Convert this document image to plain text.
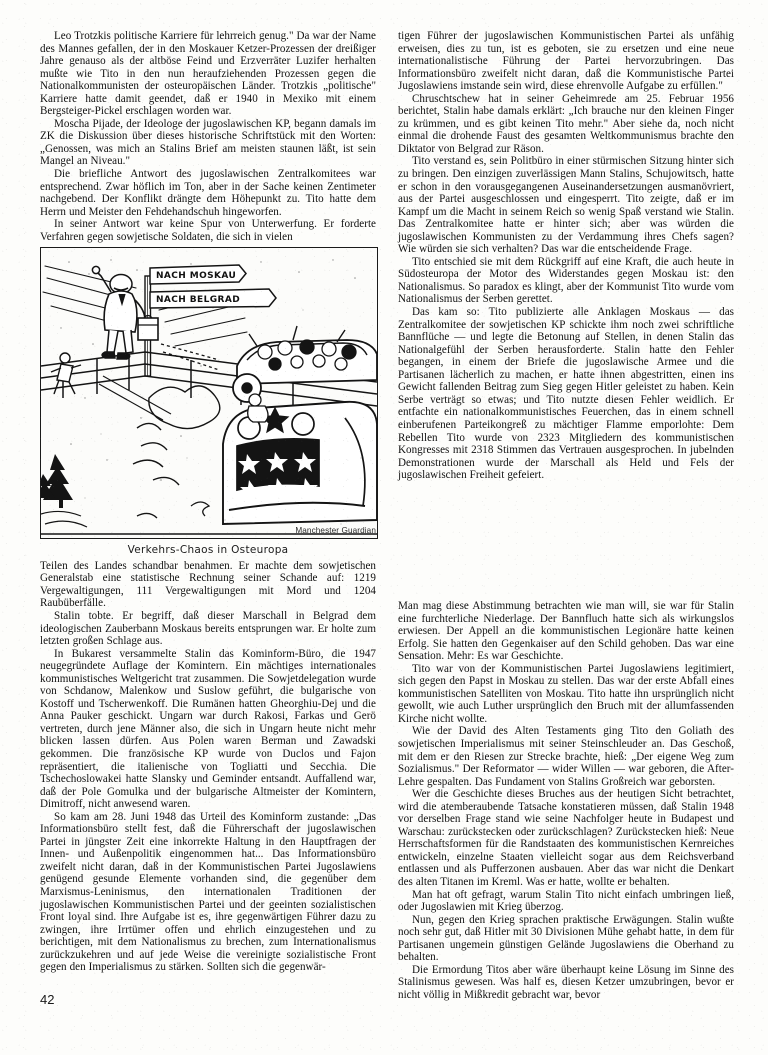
Leo Trotzkis politische Karriere für lehrreich genug." Da war der Name des Mannes gefallen, der in den Moskauer Ketzer-Prozessen der dreißiger Jahre genauso als der altböse Feind und Erzverräter Luzifer herhalten mußte wie Tito in den nun heraufziehenden Prozessen gegen die Nationalkommunisten der osteuropäischen Länder. Trotzkis „politische" Karriere hatte damit geendet, daß er 1940 in Mexiko mit einem Bergsteiger-Pickel erschlagen worden war.

Moscha Pijade, der Ideologe der jugoslawischen KP, begann damals im ZK die Diskussion über dieses historische Schriftstück mit den Worten: „Genossen, was mich an Stalins Brief am meisten staunen läßt, ist sein Mangel an Niveau."

Die briefliche Antwort des jugoslawischen Zentralkomitees war entsprechend. Zwar höflich im Ton, aber in der Sache keinen Zentimeter nachgebend. Der Konflikt drängte dem Höhepunkt zu. Tito hatte dem Herrn und Meister den Fehdehandschuh hingeworfen.

In seiner Antwort war keine Spur von Unterwerfung. Er forderte Verfahren gegen sowjetische Soldaten, die sich in vielen

NACH MOSKAU
NACH BELGRAD
Verkehrs-Chaos in Osteuropa
Manchester Guardian

Teilen des Landes schandbar benahmen. Er machte dem sowjetischen Generalstab eine statistische Rechnung seiner Schande auf: 1219 Vergewaltigungen, 111 Vergewaltigungen mit Mord und 1204 Raubüberfälle.

Stalin tobte. Er begriff, daß dieser Marschall in Belgrad dem ideologischen Zauberbann Moskaus bereits entsprungen war. Er holte zum letzten großen Schlage aus.

In Bukarest versammelte Stalin das Kominform-Büro, die 1947 neugegründete Auflage der Komintern. Ein mächtiges internationales kommunistisches Weltgericht trat zusammen. Die Sowjetdelegation wurde von Schdanow, Malenkow und Suslow geführt, die bulgarische von Kostoff und Tscherwenkoff. Die Rumänen hatten Gheorghiu-Dej und die Anna Pauker geschickt. Ungarn war durch Rakosi, Farkas und Gerö vertreten, durch jene Männer also, die sich in Ungarn heute nicht mehr blicken lassen dürfen. Aus Polen waren Berman und Zawadski gekommen. Die französische KP wurde von Duclos und Fajon repräsentiert, die italienische von Togliatti und Secchia. Die Tschechoslowakei hatte Slansky und Geminder entsandt. Auffallend war, daß der Pole Gomulka und der bulgarische Altmeister der Komintern, Dimitroff, nicht anwesend waren.

So kam am 28. Juni 1948 das Urteil des Kominform zustande: „Das Informationsbüro stellt fest, daß die Führerschaft der jugoslawischen Partei in jüngster Zeit eine inkorrekte Haltung in den Hauptfragen der Innen- und Außenpolitik eingenommen hat... Das Informationsbüro zweifelt nicht daran, daß in der Kommunistischen Partei Jugoslawiens genügend gesunde Elemente vorhanden sind, die gegenüber dem Marxismus-Leninismus, den internationalen Traditionen der jugoslawischen Kommunistischen Partei und der geeinten sozialistischen Front loyal sind. Ihre Aufgabe ist es, ihre gegenwärtigen Führer dazu zu zwingen, ihre Irrtümer offen und ehrlich einzugestehen und zu berichtigen, mit dem Nationalismus zu brechen, zum Internationalismus zurückzukehren und auf jede Weise die vereinigte sozialistische Front gegen den Imperialismus zu stärken. Sollten sich die gegenwär-

tigen Führer der jugoslawischen Kommunistischen Partei als unfähig erweisen, dies zu tun, ist es geboten, sie zu ersetzen und eine neue internationalistische Führung der Partei hervorzubringen. Das Informationsbüro zweifelt nicht daran, daß die Kommunistische Partei Jugoslawiens imstande sein wird, diese ehrenvolle Aufgabe zu erfüllen."

Chruschtschew hat in seiner Geheimrede am 25. Februar 1956 berichtet, Stalin habe damals erklärt: „Ich brauche nur den kleinen Finger zu krümmen, und es gibt keinen Tito mehr." Aber siehe da, noch nicht einmal die drohende Faust des gesamten Weltkommunismus brachte den Diktator von Belgrad zur Räson.

Tito verstand es, sein Politbüro in einer stürmischen Sitzung hinter sich zu bringen. Den einzigen zuverlässigen Mann Stalins, Schujowitsch, hatte er schon in den vorausgegangenen Auseinandersetzungen ausmanövriert, aus der Partei ausgeschlossen und eingesperrt. Tito zeigte, daß er im Kampf um die Macht in seinem Reich so wenig Spaß verstand wie Stalin. Das Zentralkomitee hatte er hinter sich; aber was würden die jugoslawischen Kommunisten zu der Verdammung ihres Chefs sagen? Wie würden sie sich verhalten? Das war die entscheidende Frage.

Tito entschied sie mit dem Rückgriff auf eine Kraft, die auch heute in Südosteuropa der Motor des Widerstandes gegen Moskau ist: den Nationalismus. So paradox es klingt, aber der Kommunist Tito wurde vom Nationalismus der Serben gerettet.

Das kam so: Tito publizierte alle Anklagen Moskaus — das Zentralkomitee der sowjetischen KP schickte ihm noch zwei schriftliche Bannflüche — und legte die Betonung auf Stellen, in denen Stalin das Nationalgefühl der Serben herausforderte. Stalin hatte den Fehler begangen, in einem der Briefe die jugoslawische Armee und die Partisanen lächerlich zu machen, er hatte ihnen abgestritten, einen ins Gewicht fallenden Beitrag zum Sieg gegen Hitler geleistet zu haben. Kein Serbe verträgt so etwas; und Tito nutzte diesen Fehler weidlich. Er entfachte ein nationalkommunistisches Feuerchen, das in einem schnell einberufenen Parteikongreß zu mächtiger Flamme emporlohte: Dem Rebellen Tito wurde von 2323 Mitgliedern des kommunistischen Kongresses mit 2318 Stimmen das Vertrauen ausgesprochen. In jubelnden Demonstrationen wurde der Marschall als Held und Fels der jugoslawischen Freiheit gefeiert.

Man mag diese Abstimmung betrachten wie man will, sie war für Stalin eine furchterliche Niederlage. Der Bannfluch hatte sich als wirkungslos erwiesen. Der Appell an die kommunistischen Legionäre hatte keinen Erfolg. Sie hatten den Gegenkaiser auf den Schild gehoben. Das war eine Sensation. Mehr: Es war Geschichte.

Tito war von der Kommunistischen Partei Jugoslawiens legitimiert, sich gegen den Papst in Moskau zu stellen. Das war der erste Abfall eines kommunistischen Satelliten von Moskau. Tito hatte ihn ursprünglich nicht gewollt, wie auch Luther ursprünglich den Bruch mit der allumfassenden Kirche nicht wollte.

Wie der David des Alten Testaments ging Tito den Goliath des sowjetischen Imperialismus mit seiner Steinschleuder an. Das Geschoß, mit dem er den Riesen zur Strecke brachte, hieß: „Der eigene Weg zum Sozialismus." Der Reformator — wider Willen — war geboren, die After-Lehre gespalten. Das Fundament von Stalins Großreich war geborsten.

Wer die Geschichte dieses Bruches aus der heutigen Sicht betrachtet, wird die atemberaubende Tatsache konstatieren müssen, daß Stalin 1948 vor derselben Frage stand wie seine Nachfolger heute in Budapest und Warschau: zurückstecken oder zurückschlagen? Zurückstecken hieß: Neue Herrschaftsformen für die Randstaaten des kommunistischen Kernreiches entwickeln, einzelne Staaten vielleicht sogar aus dem Reichsverband entlassen und als Pufferzonen ausbauen. Aber das war nicht die Denkart des alten Titanen im Kreml. Was er hatte, wollte er behalten.

Man hat oft gefragt, warum Stalin Tito nicht einfach umbringen ließ, oder Jugoslawien mit Krieg überzog.

Nun, gegen den Krieg sprachen praktische Erwägungen. Stalin wußte noch sehr gut, daß Hitler mit 30 Divisionen Mühe gehabt hatte, in dem für Partisanen ungemein günstigen Gelände Jugoslawiens die Oberhand zu behalten.

Die Ermordung Titos aber wäre überhaupt keine Lösung im Sinne des Stalinismus gewesen. Was half es, diesen Ketzer umzubringen, bevor er nicht völlig in Mißkredit gebracht war, bevor

42
